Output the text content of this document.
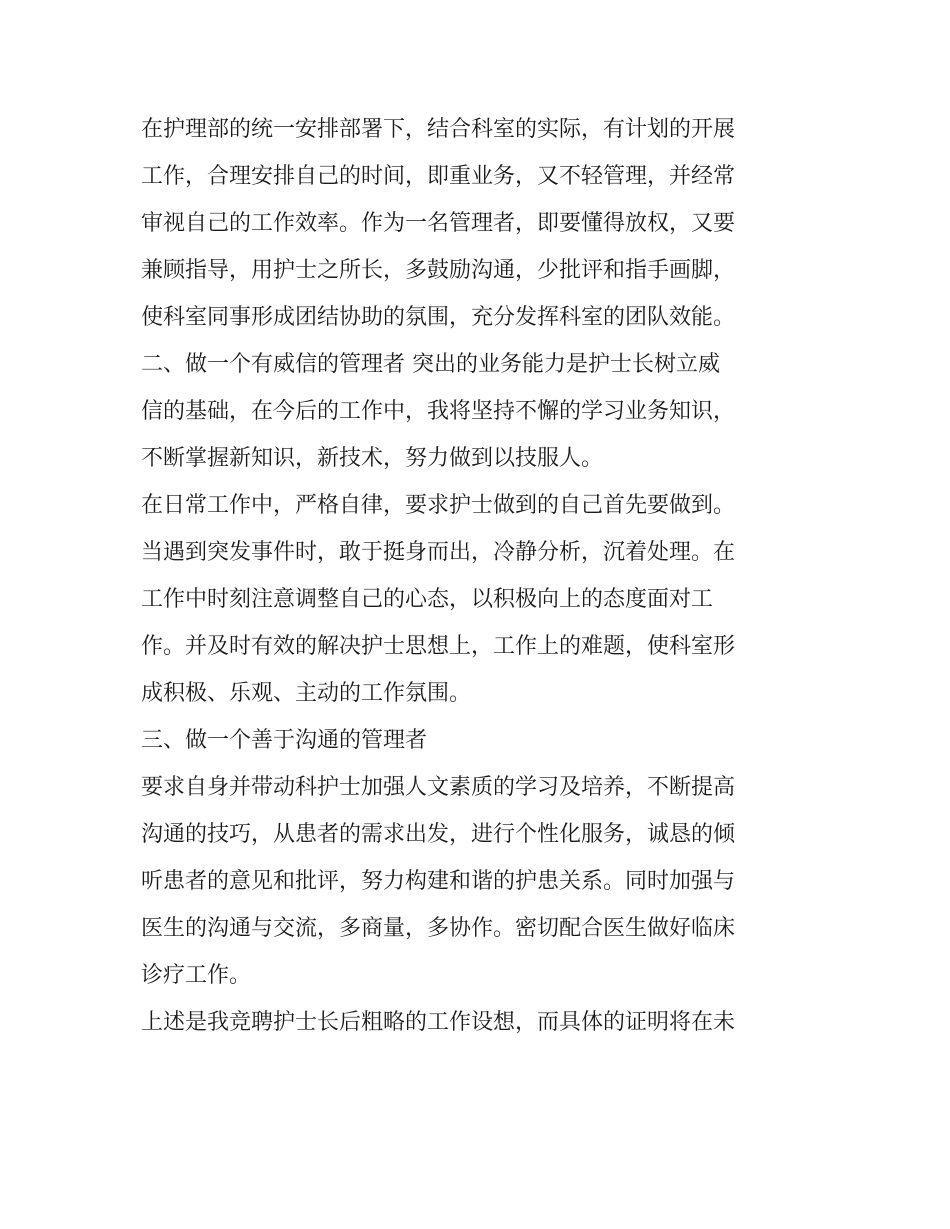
在护理部的统一安排部署下，结合科室的实际，有计划的开展
工作，合理安排自己的时间，即重业务，又不轻管理，并经常
审视自己的工作效率。作为一名管理者，即要懂得放权，又要
兼顾指导，用护士之所长，多鼓励沟通，少批评和指手画脚，
使科室同事形成团结协助的氛围，充分发挥科室的团队效能。
二、做一个有威信的管理者 突出的业务能力是护士长树立威
信的基础，在今后的工作中，我将坚持不懈的学习业务知识，
不断掌握新知识，新技术，努力做到以技服人。
在日常工作中，严格自律，要求护士做到的自己首先要做到。
当遇到突发事件时，敢于挺身而出，冷静分析，沉着处理。在
工作中时刻注意调整自己的心态，以积极向上的态度面对工
作。并及时有效的解决护士思想上，工作上的难题，使科室形
成积极、乐观、主动的工作氛围。
三、做一个善于沟通的管理者
要求自身并带动科护士加强人文素质的学习及培养，不断提高
沟通的技巧，从患者的需求出发，进行个性化服务，诚恳的倾
听患者的意见和批评，努力构建和谐的护患关系。同时加强与
医生的沟通与交流，多商量，多协作。密切配合医生做好临床
诊疗工作。
上述是我竞聘护士长后粗略的工作设想，而具体的证明将在未
